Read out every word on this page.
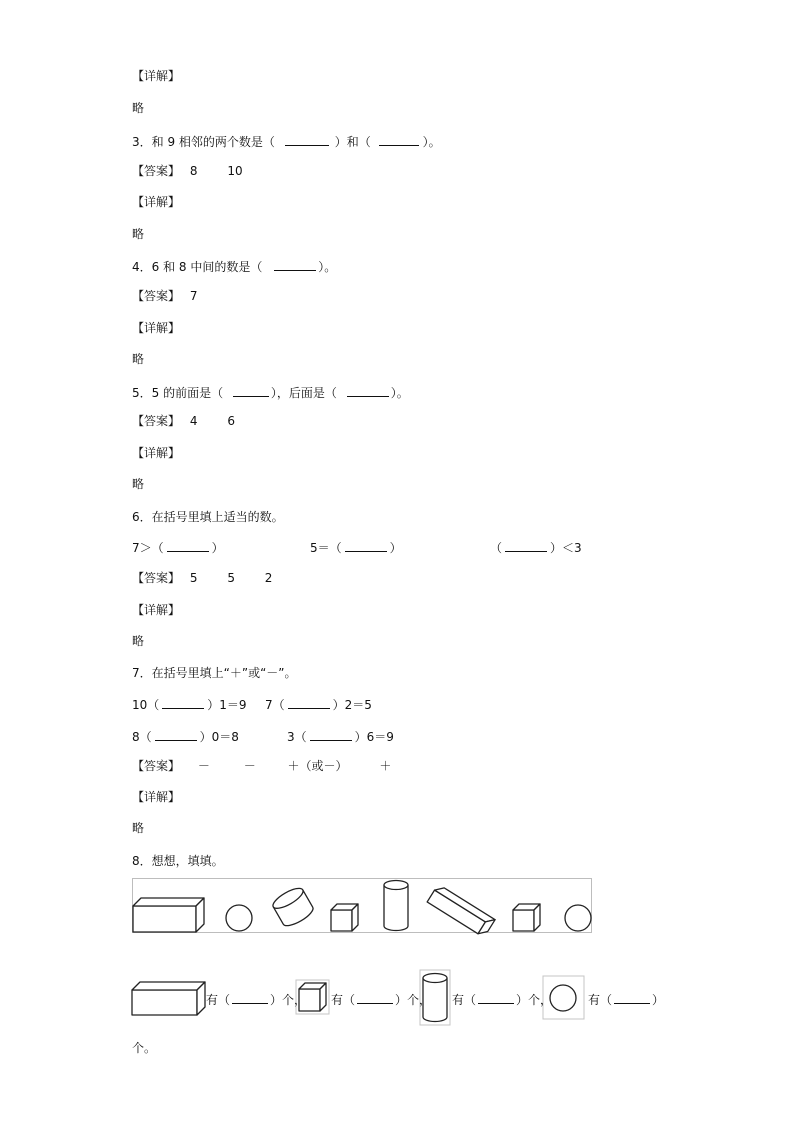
【详解】
略
3．和 9 相邻的两个数是（	）和（	）。
【答案】 8 10
【详解】
略
4．6 和 8 中间的数是（	）。
【答案】 7
【详解】
略
5．5 的前面是（	），后面是（	）。
【答案】 4 6
【详解】
略
6．在括号里填上适当的数。
7＞（	）	5＝（	）	（	）＜3
【答案】 5 5 2
【详解】
略
7．在括号里填上“＋”或“－”。
10（	）1＝9 7（	）2＝5
8（	）0＝8	3（	）6＝9
【答案】 －	－	＋（或－）	＋
【详解】
略
8．想想，填填。
有（	）个， 有（	）个， 有（	）个，	有（	）
个。
